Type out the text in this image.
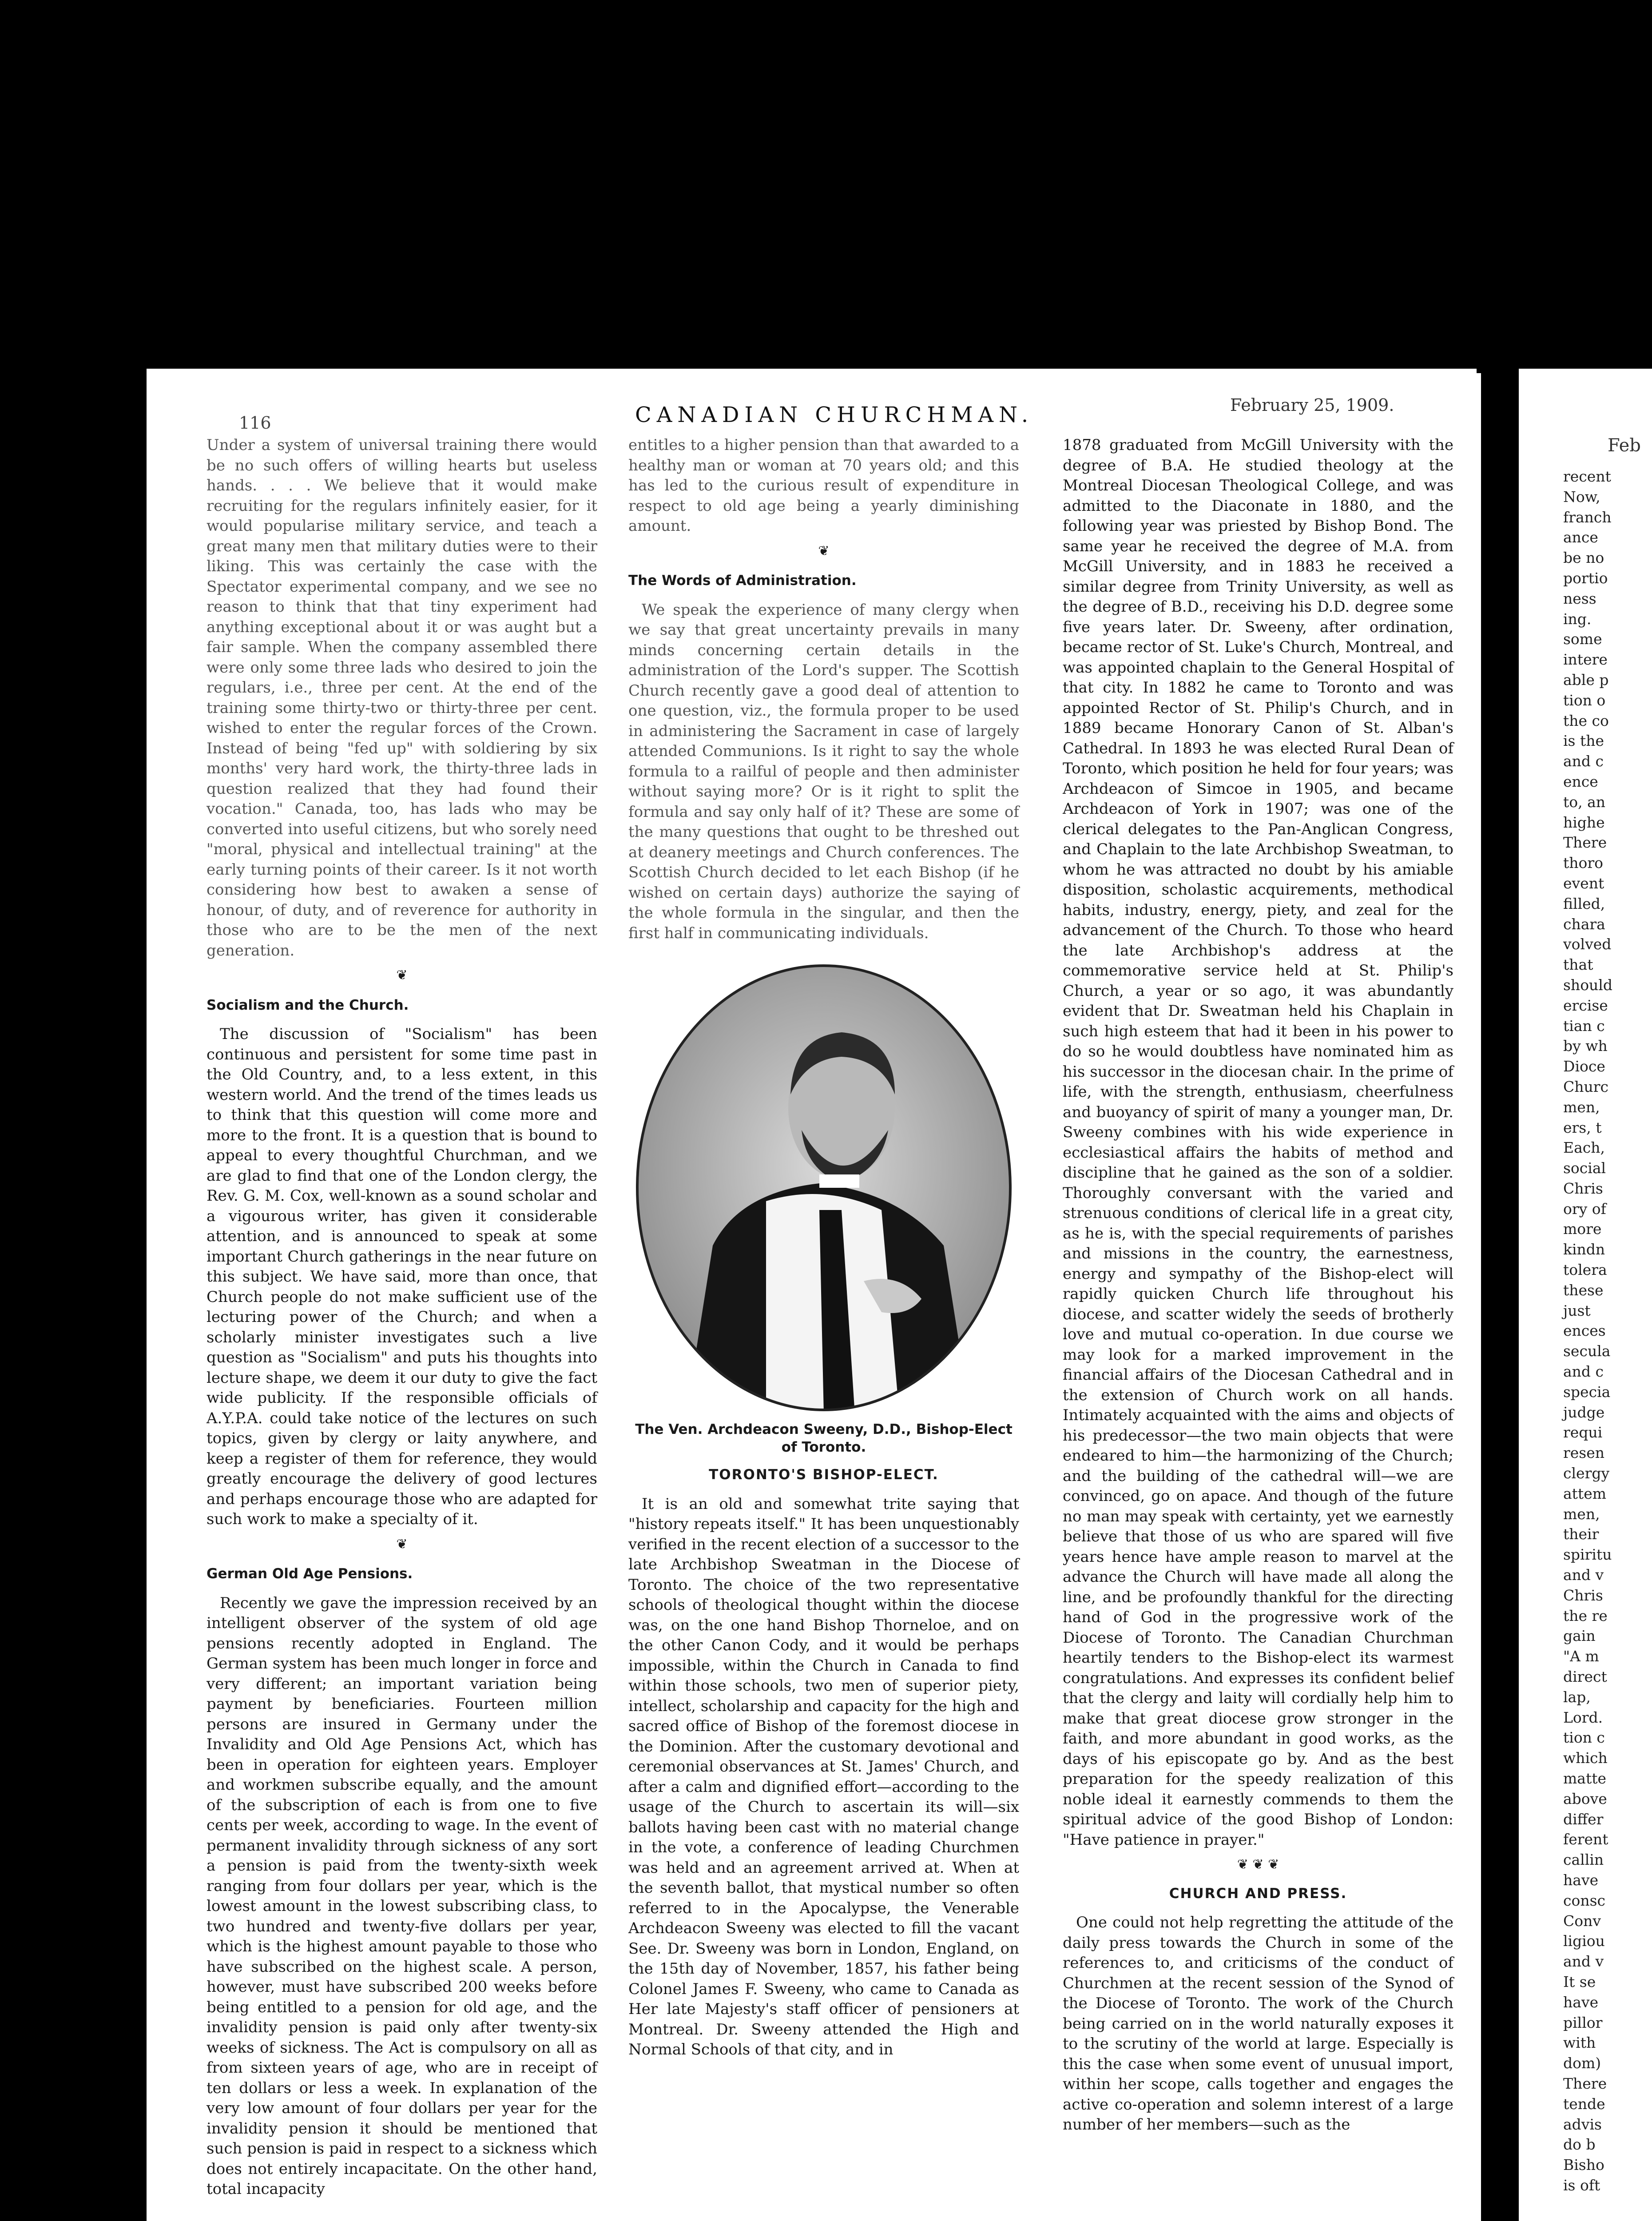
116	CANADIAN CHURCHMAN.	February 25, 1909.

Under a system of universal training there would be no such offers of willing hearts but useless hands. . . . We believe that it would make recruiting for the regulars infinitely easier, for it would popularise military service, and teach a great many men that military duties were to their liking. This was certainly the case with the Spectator experimental company, and we see no reason to think that that tiny experiment had anything exceptional about it or was aught but a fair sample. When the company assembled there were only some three lads who desired to join the regulars, i.e., three per cent. At the end of the training some thirty-two or thirty-three per cent. wished to enter the regular forces of the Crown. Instead of being "fed up" with soldiering by six months' very hard work, the thirty-three lads in question realized that they had found their vocation." Canada, too, has lads who may be converted into useful citizens, but who sorely need "moral, physical and intellectual training" at the early turning points of their career. Is it not worth considering how best to awaken a sense of honour, of duty, and of reverence for authority in those who are to be the men of the next generation.

❦
Socialism and the Church.

The discussion of "Socialism" has been continuous and persistent for some time past in the Old Country, and, to a less extent, in this western world. And the trend of the times leads us to think that this question will come more and more to the front. It is a question that is bound to appeal to every thoughtful Churchman, and we are glad to find that one of the London clergy, the Rev. G. M. Cox, well-known as a sound scholar and a vigourous writer, has given it considerable attention, and is announced to speak at some important Church gatherings in the near future on this subject. We have said, more than once, that Church people do not make sufficient use of the lecturing power of the Church; and when a scholarly minister investigates such a live question as "Socialism" and puts his thoughts into lecture shape, we deem it our duty to give the fact wide publicity. If the responsible officials of A.Y.P.A. could take notice of the lectures on such topics, given by clergy or laity anywhere, and keep a register of them for reference, they would greatly encourage the delivery of good lectures and perhaps encourage those who are adapted for such work to make a specialty of it.

❦
German Old Age Pensions.

Recently we gave the impression received by an intelligent observer of the system of old age pensions recently adopted in England. The German system has been much longer in force and very different; an important variation being payment by beneficiaries. Fourteen million persons are insured in Germany under the Invalidity and Old Age Pensions Act, which has been in operation for eighteen years. Employer and workmen subscribe equally, and the amount of the subscription of each is from one to five cents per week, according to wage. In the event of permanent invalidity through sickness of any sort a pension is paid from the twenty-sixth week ranging from four dollars per year, which is the lowest amount in the lowest subscribing class, to two hundred and twenty-five dollars per year, which is the highest amount payable to those who have subscribed on the highest scale. A person, however, must have subscribed 200 weeks before being entitled to a pension for old age, and the invalidity pension is paid only after twenty-six weeks of sickness. The Act is compulsory on all as from sixteen years of age, who are in receipt of ten dollars or less a week. In explanation of the very low amount of four dollars per year for the invalidity pension it should be mentioned that such pension is paid in respect to a sickness which does not entirely incapacitate. On the other hand, total incapacity

entitles to a higher pension than that awarded to a healthy man or woman at 70 years old; and this has led to the curious result of expenditure in respect to old age being a yearly diminishing amount.

❦
The Words of Administration.

We speak the experience of many clergy when we say that great uncertainty prevails in many minds concerning certain details in the administration of the Lord's supper. The Scottish Church recently gave a good deal of attention to one question, viz., the formula proper to be used in administering the Sacrament in case of largely attended Communions. Is it right to say the whole formula to a railful of people and then administer without saying more? Or is it right to split the formula and say only half of it? These are some of the many questions that ought to be threshed out at deanery meetings and Church conferences. The Scottish Church decided to let each Bishop (if he wished on certain days) authorize the saying of the whole formula in the singular, and then the first half in communicating individuals.

The Ven. Archdeacon Sweeny, D.D., Bishop-Elect of Toronto.
TORONTO'S BISHOP-ELECT.

It is an old and somewhat trite saying that "history repeats itself." It has been unquestionably verified in the recent election of a successor to the late Archbishop Sweatman in the Diocese of Toronto. The choice of the two representative schools of theological thought within the diocese was, on the one hand Bishop Thorneloe, and on the other Canon Cody, and it would be perhaps impossible, within the Church in Canada to find within those schools, two men of superior piety, intellect, scholarship and capacity for the high and sacred office of Bishop of the foremost diocese in the Dominion. After the customary devotional and ceremonial observances at St. James' Church, and after a calm and dignified effort—according to the usage of the Church to ascertain its will—six ballots having been cast with no material change in the vote, a conference of leading Churchmen was held and an agreement arrived at. When at the seventh ballot, that mystical number so often referred to in the Apocalypse, the Venerable Archdeacon Sweeny was elected to fill the vacant See. Dr. Sweeny was born in London, England, on the 15th day of November, 1857, his father being Colonel James F. Sweeny, who came to Canada as Her late Majesty's staff officer of pensioners at Montreal. Dr. Sweeny attended the High and Normal Schools of that city, and in

1878 graduated from McGill University with the degree of B.A. He studied theology at the Montreal Diocesan Theological College, and was admitted to the Diaconate in 1880, and the following year was priested by Bishop Bond. The same year he received the degree of M.A. from McGill University, and in 1883 he received a similar degree from Trinity University, as well as the degree of B.D., receiving his D.D. degree some five years later. Dr. Sweeny, after ordination, became rector of St. Luke's Church, Montreal, and was appointed chaplain to the General Hospital of that city. In 1882 he came to Toronto and was appointed Rector of St. Philip's Church, and in 1889 became Honorary Canon of St. Alban's Cathedral. In 1893 he was elected Rural Dean of Toronto, which position he held for four years; was Archdeacon of Simcoe in 1905, and became Archdeacon of York in 1907; was one of the clerical delegates to the Pan-Anglican Congress, and Chaplain to the late Archbishop Sweatman, to whom he was attracted no doubt by his amiable disposition, scholastic acquirements, methodical habits, industry, energy, piety, and zeal for the advancement of the Church. To those who heard the late Archbishop's address at the commemorative service held at St. Philip's Church, a year or so ago, it was abundantly evident that Dr. Sweatman held his Chaplain in such high esteem that had it been in his power to do so he would doubtless have nominated him as his successor in the diocesan chair. In the prime of life, with the strength, enthusiasm, cheerfulness and buoyancy of spirit of many a younger man, Dr. Sweeny combines with his wide experience in ecclesiastical affairs the habits of method and discipline that he gained as the son of a soldier. Thoroughly conversant with the varied and strenuous conditions of clerical life in a great city, as he is, with the special requirements of parishes and missions in the country, the earnestness, energy and sympathy of the Bishop-elect will rapidly quicken Church life throughout his diocese, and scatter widely the seeds of brotherly love and mutual co-operation. In due course we may look for a marked improvement in the financial affairs of the Diocesan Cathedral and in the extension of Church work on all hands. Intimately acquainted with the aims and objects of his predecessor—the two main objects that were endeared to him—the harmonizing of the Church; and the building of the cathedral will—we are convinced, go on apace. And though of the future no man may speak with certainty, yet we earnestly believe that those of us who are spared will five years hence have ample reason to marvel at the advance the Church will have made all along the line, and be profoundly thankful for the directing hand of God in the progressive work of the Diocese of Toronto. The Canadian Churchman heartily tenders to the Bishop-elect its warmest congratulations. And expresses its confident belief that the clergy and laity will cordially help him to make that great diocese grow stronger in the faith, and more abundant in good works, as the days of his episcopate go by. And as the best preparation for the speedy realization of this noble ideal it earnestly commends to them the spiritual advice of the good Bishop of London: "Have patience in prayer."

❦ ❦ ❦
CHURCH AND PRESS.

One could not help regretting the attitude of the daily press towards the Church in some of the references to, and criticisms of the conduct of Churchmen at the recent session of the Synod of the Diocese of Toronto. The work of the Church being carried on in the world naturally exposes it to the scrutiny of the world at large. Especially is this the case when some event of unusual import, within her scope, calls together and engages the active co-operation and solemn interest of a large number of her members—such as the

Feb
recent
Now,
franch
ance
be no
portio
ness
ing.
some
intere
able p
tion o
the co
is the
and c
ence
to, an
highe
There
thoro
event
filled,
chara
volved
that
should
ercise
tian c
by wh
Dioce
Churc
men,
ers, t
Each,
social
Chris
ory of
more
kindn
tolera
these
just
ences
secula
and c
specia
judge
requi
resen
clergy
attem
men,
their
spiritu
and v
Chris
the re
gain
"A m
direct
lap,
Lord.
tion c
which
matte
above
differ
ferent
callin
have
consc
Conv
ligiou
and v
It se
have
pillor
with
dom)
There
tende
advis
do b
Bisho
is oft
